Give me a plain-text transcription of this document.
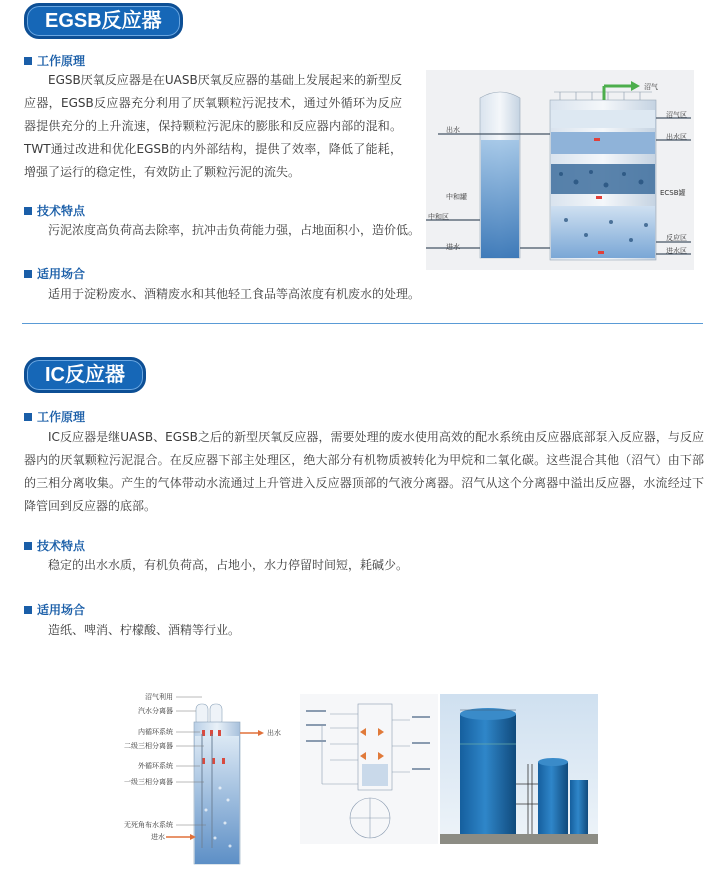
EGSB反应器
工作原理
EGSB厌氧反应器是在UASB厌氧反应器的基础上发展起来的新型反应器，EGSB反应器充分利用了厌氧颗粒污泥技术，通过外循环为反应器提供充分的上升流速，保持颗粒污泥床的膨胀和反应器内部的混和。TWT通过改进和优化EGSB的内外部结构，提供了效率，降低了能耗，增强了运行的稳定性，有效防止了颗粒污泥的流失。
技术特点
污泥浓度高负荷高去除率，抗冲击负荷能力强，占地面积小，造价低。
适用场合
适用于淀粉废水、酒精废水和其他轻工食品等高浓度有机废水的处理。
沼气
出水
沼气区
出水区
中和罐	ECSB罐
中和区
反应区
进水	进水区
IC反应器
工作原理
IC反应器是继UASB、EGSB之后的新型厌氧反应器，需要处理的废水使用高效的配水系统由反应器底部泵入反应器，与反应器内的厌氧颗粒污泥混合。在反应器下部主处理区，绝大部分有机物质被转化为甲烷和二氧化碳。这些混合其他（沼气）由下部的三相分离收集。产生的气体带动水流通过上升管进入反应器顶部的气液分离器。沼气从这个分离器中溢出反应器，水流经过下降管回到反应器的底部。
技术特点
稳定的出水水质，有机负荷高，占地小，水力停留时间短，耗碱少。
适用场合
造纸、啤消、柠檬酸、酒精等行业。
沼气利用
汽水分离器
内循环系统
二级三相分离器
外循环系统
一级三相分离器
无死角布水系统
进水
出水
